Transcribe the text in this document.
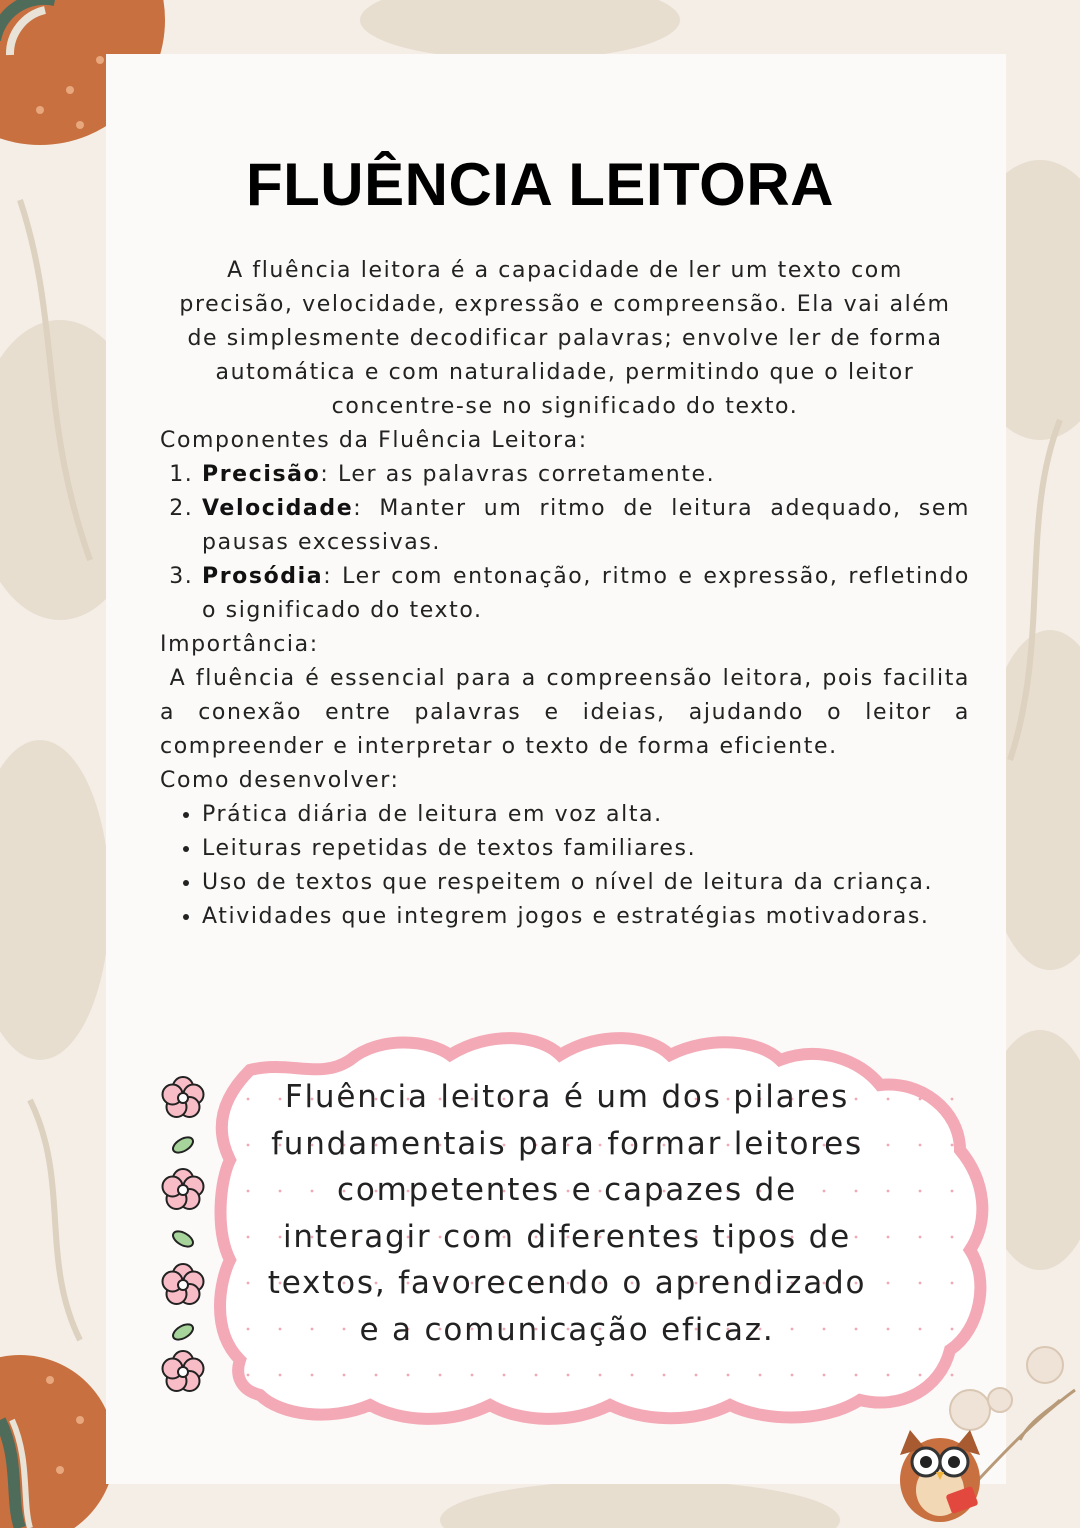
FLUÊNCIA LEITORA

A fluência leitora é a capacidade de ler um texto com precisão, velocidade, expressão e compreensão. Ela vai além de simplesmente decodificar palavras; envolve ler de forma automática e com naturalidade, permitindo que o leitor concentre-se no significado do texto.

Componentes da Fluência Leitora:

1. Precisão: Ler as palavras corretamente.
2. Velocidade: Manter um ritmo de leitura adequado, sem pausas excessivas.
3. Prosódia: Ler com entonação, ritmo e expressão, refletindo o significado do texto.

Importância:

A fluência é essencial para a compreensão leitora, pois facilita a conexão entre palavras e ideias, ajudando o leitor a compreender e interpretar o texto de forma eficiente.

Como desenvolver:

• Prática diária de leitura em voz alta.
• Leituras repetidas de textos familiares.
• Uso de textos que respeitem o nível de leitura da criança.
• Atividades que integrem jogos e estratégias motivadoras.
Fluência leitora é um dos pilares fundamentais para formar leitores competentes e capazes de interagir com diferentes tipos de textos, favorecendo o aprendizado e a comunicação eficaz.
